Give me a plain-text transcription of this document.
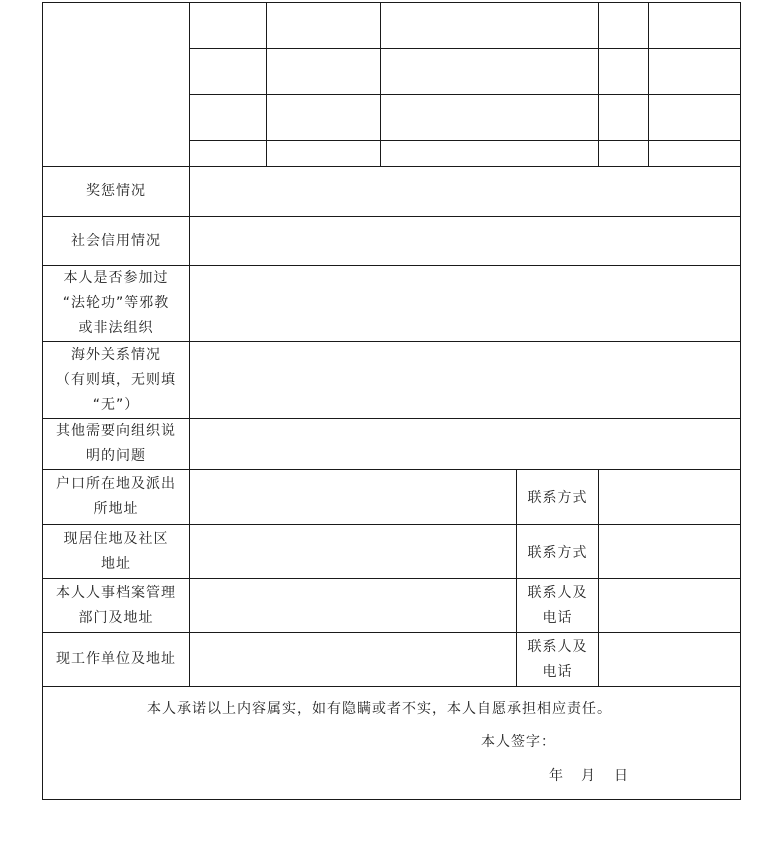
奖惩情况
社会信用情况
本人是否参加过
“法轮功”等邪教
或非法组织
海外关系情况
（有则填，无则填
“无”）
其他需要向组织说
明的问题
户口所在地及派出
所地址
联系方式
现居住地及社区
地址
联系方式
本人人事档案管理
部门及地址
联系人及
电话
现工作单位及地址
联系人及
电话
本人承诺以上内容属实，如有隐瞒或者不实，本人自愿承担相应责任。
本人签字：
年 月 日
